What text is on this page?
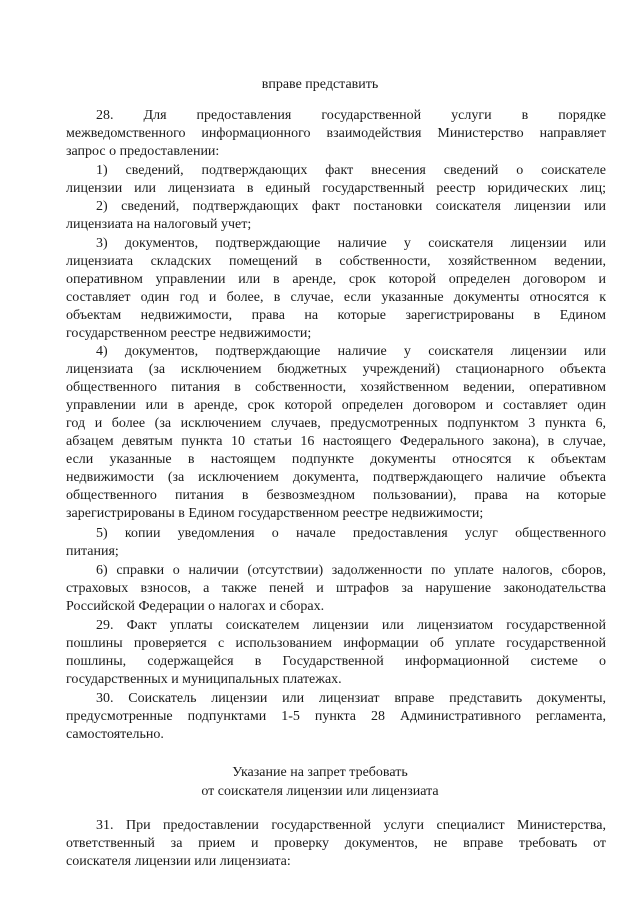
вправе представить
28. Для предоставления государственной услуги в порядке
межведомственного информационного взаимодействия Министерство направляет
запрос о предоставлении:
1) сведений, подтверждающих факт внесения сведений о соискателе
лицензии или лицензиата в единый государственный реестр юридических лиц;
2) сведений, подтверждающих факт постановки соискателя лицензии или
лицензиата на налоговый учет;
3) документов, подтверждающие наличие у соискателя лицензии или
лицензиата складских помещений в собственности, хозяйственном ведении,
оперативном управлении или в аренде, срок которой определен договором и
составляет один год и более, в случае, если указанные документы относятся к
объектам недвижимости, права на которые зарегистрированы в Едином
государственном реестре недвижимости;
4) документов, подтверждающие наличие у соискателя лицензии или
лицензиата (за исключением бюджетных учреждений) стационарного объекта
общественного питания в собственности, хозяйственном ведении, оперативном
управлении или в аренде, срок которой определен договором и составляет один
год и более (за исключением случаев, предусмотренных подпунктом 3 пункта 6,
абзацем девятым пункта 10 статьи 16 настоящего Федерального закона), в случае,
если указанные в настоящем подпункте документы относятся к объектам
недвижимости (за исключением документа, подтверждающего наличие объекта
общественного питания в безвозмездном пользовании), права на которые
зарегистрированы в Едином государственном реестре недвижимости;
5) копии уведомления о начале предоставления услуг общественного
питания;
6) справки о наличии (отсутствии) задолженности по уплате налогов, сборов,
страховых взносов, а также пеней и штрафов за нарушение законодательства
Российской Федерации о налогах и сборах.
29. Факт уплаты соискателем лицензии или лицензиатом государственной
пошлины проверяется с использованием информации об уплате государственной
пошлины, содержащейся в Государственной информационной системе о
государственных и муниципальных платежах.
30. Соискатель лицензии или лицензиат вправе представить документы,
предусмотренные подпунктами 1-5 пункта 28 Административного регламента,
самостоятельно.
Указание на запрет требовать
от соискателя лицензии или лицензиата
31. При предоставлении государственной услуги специалист Министерства,
ответственный за прием и проверку документов, не вправе требовать от
соискателя лицензии или лицензиата:
